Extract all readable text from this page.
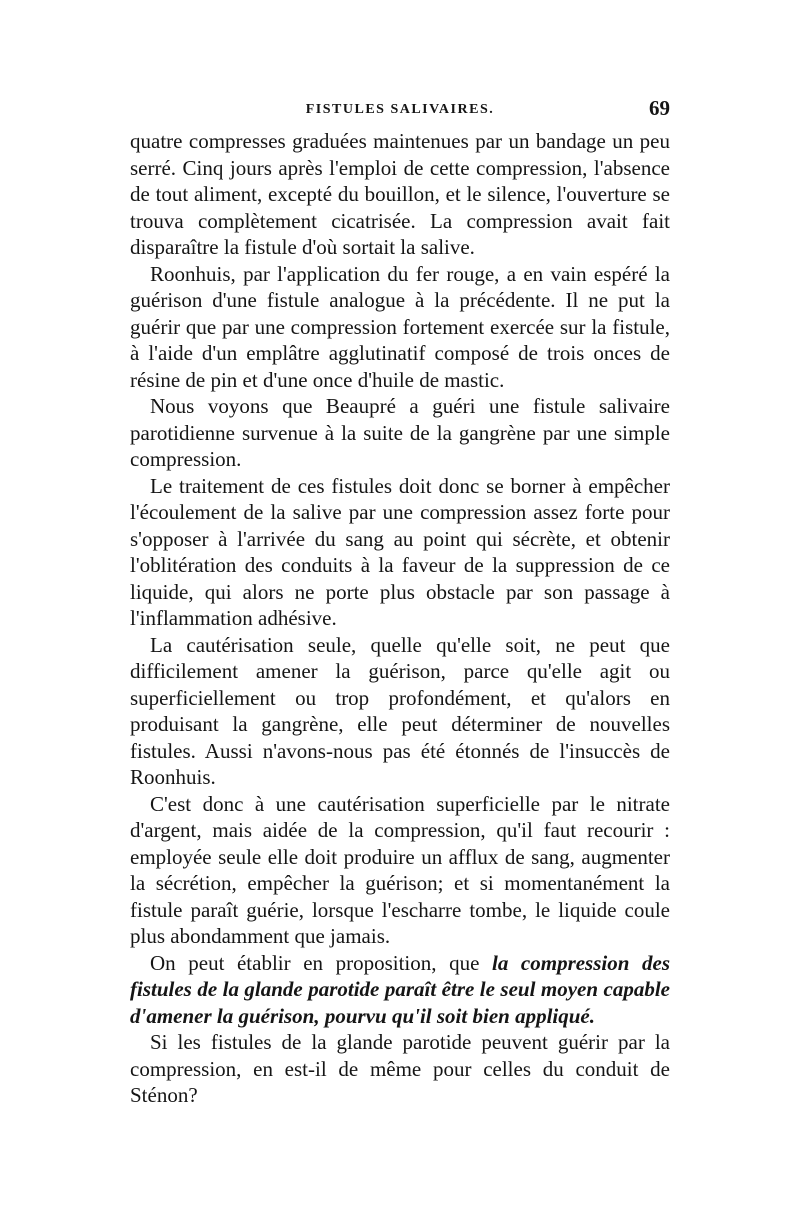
FISTULES SALIVAIRES.	69

quatre compresses graduées maintenues par un bandage un peu serré. Cinq jours après l'emploi de cette compression, l'absence de tout aliment, excepté du bouillon, et le silence, l'ouverture se trouva complètement cicatrisée. La compression avait fait disparaître la fistule d'où sortait la salive.

Roonhuis, par l'application du fer rouge, a en vain espéré la guérison d'une fistule analogue à la précédente. Il ne put la guérir que par une compression fortement exercée sur la fistule, à l'aide d'un emplâtre agglutinatif composé de trois onces de résine de pin et d'une once d'huile de mastic.

Nous voyons que Beaupré a guéri une fistule salivaire parotidienne survenue à la suite de la gangrène par une simple compression.

Le traitement de ces fistules doit donc se borner à empêcher l'écoulement de la salive par une compression assez forte pour s'opposer à l'arrivée du sang au point qui sécrète, et obtenir l'oblitération des conduits à la faveur de la suppression de ce liquide, qui alors ne porte plus obstacle par son passage à l'inflammation adhésive.

La cautérisation seule, quelle qu'elle soit, ne peut que difficilement amener la guérison, parce qu'elle agit ou superficiellement ou trop profondément, et qu'alors en produisant la gangrène, elle peut déterminer de nouvelles fistules. Aussi n'avons-nous pas été étonnés de l'insuccès de Roonhuis.

C'est donc à une cautérisation superficielle par le nitrate d'argent, mais aidée de la compression, qu'il faut recourir : employée seule elle doit produire un afflux de sang, augmenter la sécrétion, empêcher la guérison; et si momentanément la fistule paraît guérie, lorsque l'escharre tombe, le liquide coule plus abondamment que jamais.

On peut établir en proposition, que la compression des fistules de la glande parotide paraît être le seul moyen capable d'amener la guérison, pourvu qu'il soit bien appliqué.

Si les fistules de la glande parotide peuvent guérir par la compression, en est-il de même pour celles du conduit de Sténon?
